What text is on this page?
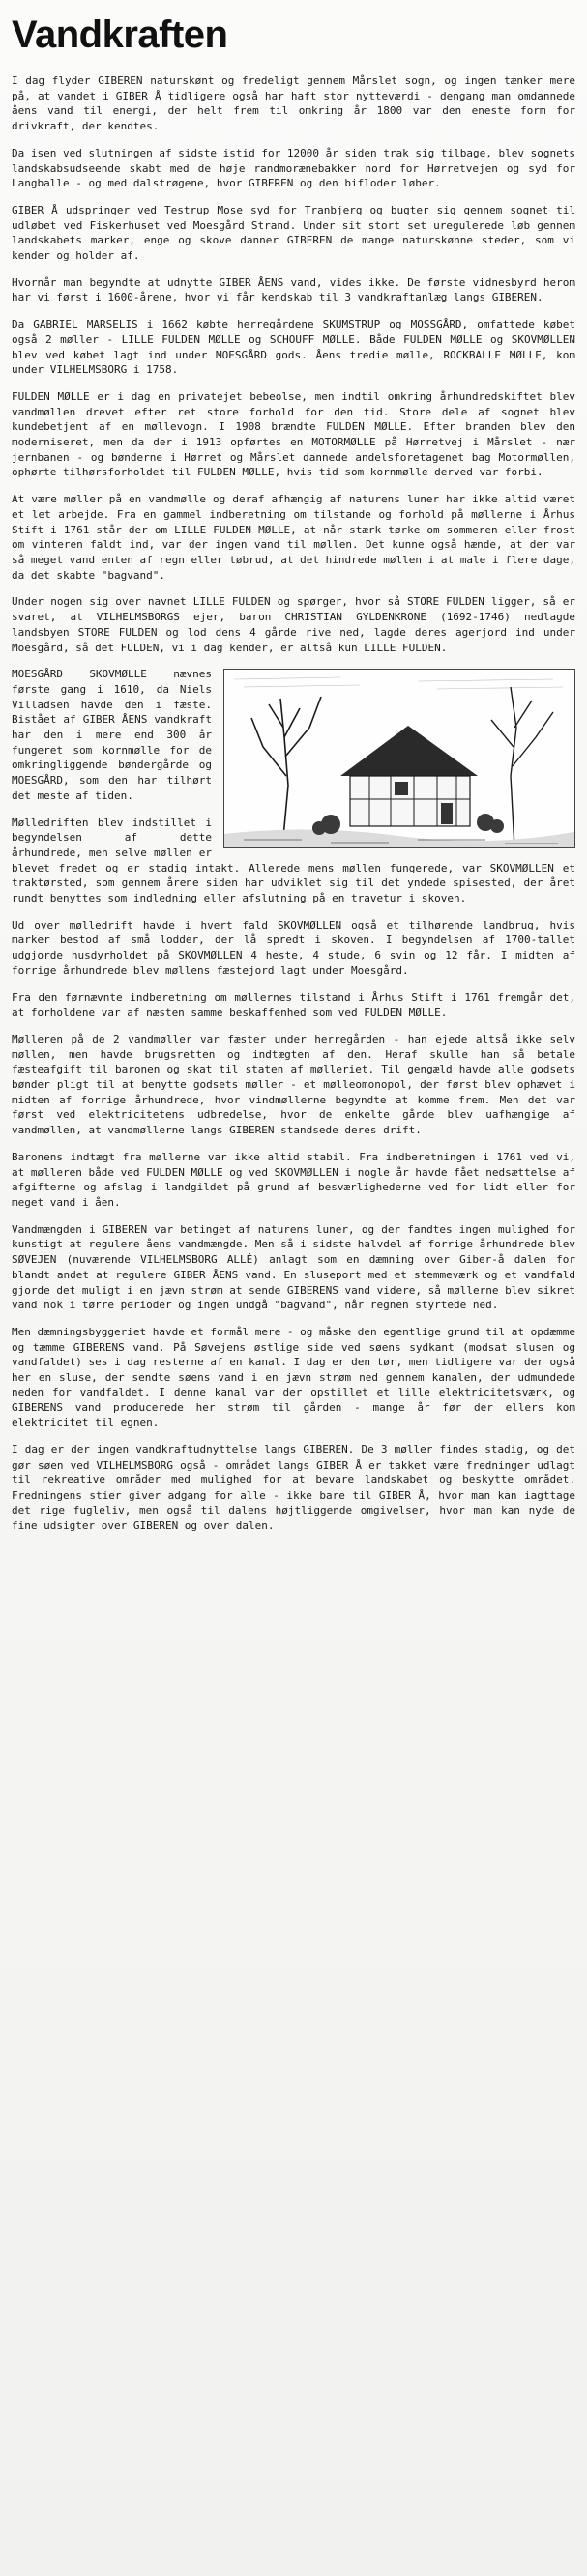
Vandkraften

I dag flyder GIBEREN naturskønt og fredeligt gennem Mårslet sogn, og ingen tænker mere på, at vandet i GIBER Å tidligere også har haft stor nytteværdi - dengang man omdannede åens vand til energi, der helt frem til omkring år 1800 var den eneste form for drivkraft, der kendtes.

Da isen ved slutningen af sidste istid for 12000 år siden trak sig tilbage, blev sognets landskabsudseende skabt med de høje randmorænebakker nord for Hørretvejen og syd for Langballe - og med dalstrøgene, hvor GIBEREN og den bifloder løber.

GIBER Å udspringer ved Testrup Mose syd for Tranbjerg og bugter sig gennem sognet til udløbet ved Fiskerhuset ved Moesgård Strand. Under sit stort set uregulerede løb gennem landskabets marker, enge og skove danner GIBEREN de mange naturskønne steder, som vi kender og holder af.

Hvornår man begyndte at udnytte GIBER ÅENS vand, vides ikke. De første vidnesbyrd herom har vi først i 1600-årene, hvor vi får kendskab til 3 vandkraftanlæg langs GIBEREN.

Da GABRIEL MARSELIS i 1662 købte herregårdene SKUMSTRUP og MOSSGÅRD, omfattede købet også 2 møller - LILLE FULDEN MØLLE og SCHOUFF MØLLE. Både FULDEN MØLLE og SKOVMØLLEN blev ved købet lagt ind under MOESGÅRD gods. Åens tredie mølle, ROCKBALLE MØLLE, kom under VILHELMSBORG i 1758.

FULDEN MØLLE er i dag en privatejet bebeolse, men indtil omkring århundredskiftet blev vandmøllen drevet efter ret store forhold for den tid. Store dele af sognet blev kundebetjent af en møllevogn. I 1908 brændte FULDEN MØLLE. Efter branden blev den moderniseret, men da der i 1913 opførtes en MOTORMØLLE på Hørretvej i Mårslet - nær jernbanen - og bønderne i Hørret og Mårslet dannede andelsforetagenet bag Motormøllen, ophørte tilhørsforholdet til FULDEN MØLLE, hvis tid som kornmølle derved var forbi.

At være møller på en vandmølle og deraf afhængig af naturens luner har ikke altid været et let arbejde. Fra en gammel indberetning om tilstande og forhold på møllerne i Århus Stift i 1761 står der om LILLE FULDEN MØLLE, at når stærk tørke om sommeren eller frost om vinteren faldt ind, var der ingen vand til møllen. Det kunne også hænde, at der var så meget vand enten af regn eller tøbrud, at det hindrede møllen i at male i flere dage, da det skabte "bagvand".

Under nogen sig over navnet LILLE FULDEN og spørger, hvor så STORE FULDEN ligger, så er svaret, at VILHELMSBORGS ejer, baron CHRISTIAN GYLDENKRONE (1692-1746) nedlagde landsbyen STORE FULDEN og lod dens 4 gårde rive ned, lagde deres agerjord ind under Moesgård, så det FULDEN, vi i dag kender, er altså kun LILLE FULDEN.

MOESGÅRD SKOVMØLLE nævnes første gang i 1610, da Niels Villadsen havde den i fæste. Bistået af GIBER ÅENS vandkraft har den i mere end 300 år fungeret som kornmølle for de omkringliggende bøndergårde og MOESGÅRD, som den har tilhørt det meste af tiden.

Mølledriften blev indstillet i begyndelsen af dette århundrede, men selve møllen er blevet fredet og er stadig intakt. Allerede mens møllen fungerede, var SKOVMØLLEN et traktørsted, som gennem årene siden har udviklet sig til det yndede spisested, der året rundt benyttes som indledning eller afslutning på en travetur i skoven.

Ud over mølledrift havde i hvert fald SKOVMØLLEN også et tilhørende landbrug, hvis marker bestod af små lodder, der lå spredt i skoven. I begyndelsen af 1700-tallet udgjorde husdyrholdet på SKOVMØLLEN 4 heste, 4 stude, 6 svin og 12 får. I midten af forrige århundrede blev møllens fæstejord lagt under Moesgård.

Fra den førnævnte indberetning om møllernes tilstand i Århus Stift i 1761 fremgår det, at forholdene var af næsten samme beskaffenhed som ved FULDEN MØLLE.

Mølleren på de 2 vandmøller var fæster under herregården - han ejede altså ikke selv møllen, men havde brugsretten og indtægten af den. Heraf skulle han så betale fæsteafgift til baronen og skat til staten af mølleriet. Til gengæld havde alle godsets bønder pligt til at benytte godsets møller - et mølleomonopol, der først blev ophævet i midten af forrige århundrede, hvor vindmøllerne begyndte at komme frem. Men det var først ved elektricitetens udbredelse, hvor de enkelte gårde blev uafhængige af vandmøllen, at vandmøllerne langs GIBEREN standsede deres drift.

Baronens indtægt fra møllerne var ikke altid stabil. Fra indberetningen i 1761 ved vi, at mølleren både ved FULDEN MØLLE og ved SKOVMØLLEN i nogle år havde fået nedsættelse af afgifterne og afslag i landgildet på grund af besværlighederne ved for lidt eller for meget vand i åen.

Vandmængden i GIBEREN var betinget af naturens luner, og der fandtes ingen mulighed for kunstigt at regulere åens vandmængde. Men så i sidste halvdel af forrige århundrede blev SØVEJEN (nuværende VILHELMSBORG ALLÉ) anlagt som en dæmning over Giber-å dalen for blandt andet at regulere GIBER ÅENS vand. En sluseport med et stemmeværk og et vandfald gjorde det muligt i en jævn strøm at sende GIBERENS vand videre, så møllerne blev sikret vand nok i tørre perioder og ingen undgå "bagvand", når regnen styrtede ned.

Men dæmningsbyggeriet havde et formål mere - og måske den egentlige grund til at opdæmme og tæmme GIBERENS vand. På Søvejens østlige side ved søens sydkant (modsat slusen og vandfaldet) ses i dag resterne af en kanal. I dag er den tør, men tidligere var der også her en sluse, der sendte søens vand i en jævn strøm ned gennem kanalen, der udmundede neden for vandfaldet. I denne kanal var der opstillet et lille elektricitetsværk, og GIBERENS vand producerede her strøm til gården - mange år før der ellers kom elektricitet til egnen.

I dag er der ingen vandkraftudnyttelse langs GIBEREN. De 3 møller findes stadig, og det gør søen ved VILHELMSBORG også - området langs GIBER Å er takket være fredninger udlagt til rekreative områder med mulighed for at bevare landskabet og beskytte området. Fredningens stier giver adgang for alle - ikke bare til GIBER Å, hvor man kan iagttage det rige fugleliv, men også til dalens højtliggende omgivelser, hvor man kan nyde de fine udsigter over GIBEREN og over dalen.
